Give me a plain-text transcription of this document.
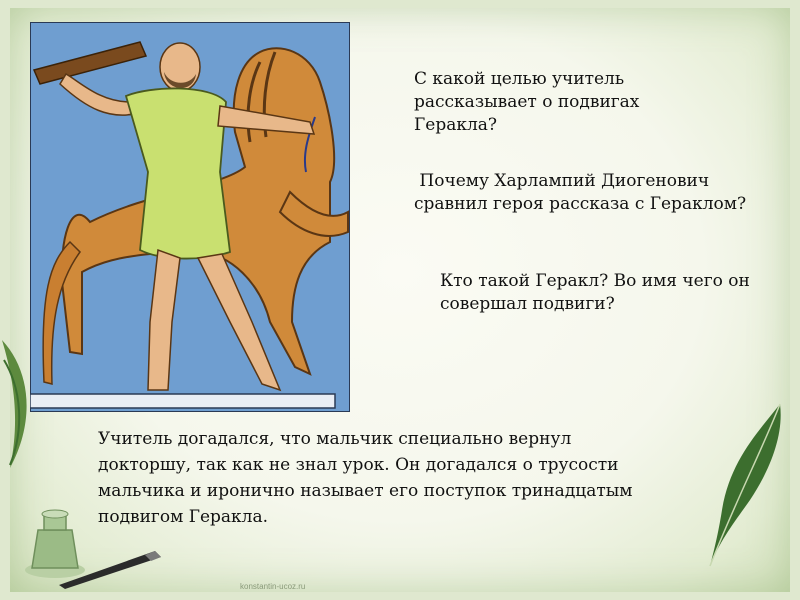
С какой целью учитель рассказывает о подвигах Геракла?

Почему Харлампий Диогенович сравнил героя рассказа с Гераклом?

Кто такой Геракл? Во имя чего он совершал подвиги?

Учитель догадался, что мальчик специально вернул докторшу, так как не знал урок. Он догадался о трусости мальчика и иронично называет его поступок тринадцатым подвигом Геракла.

konstantin-ucoz.ru
